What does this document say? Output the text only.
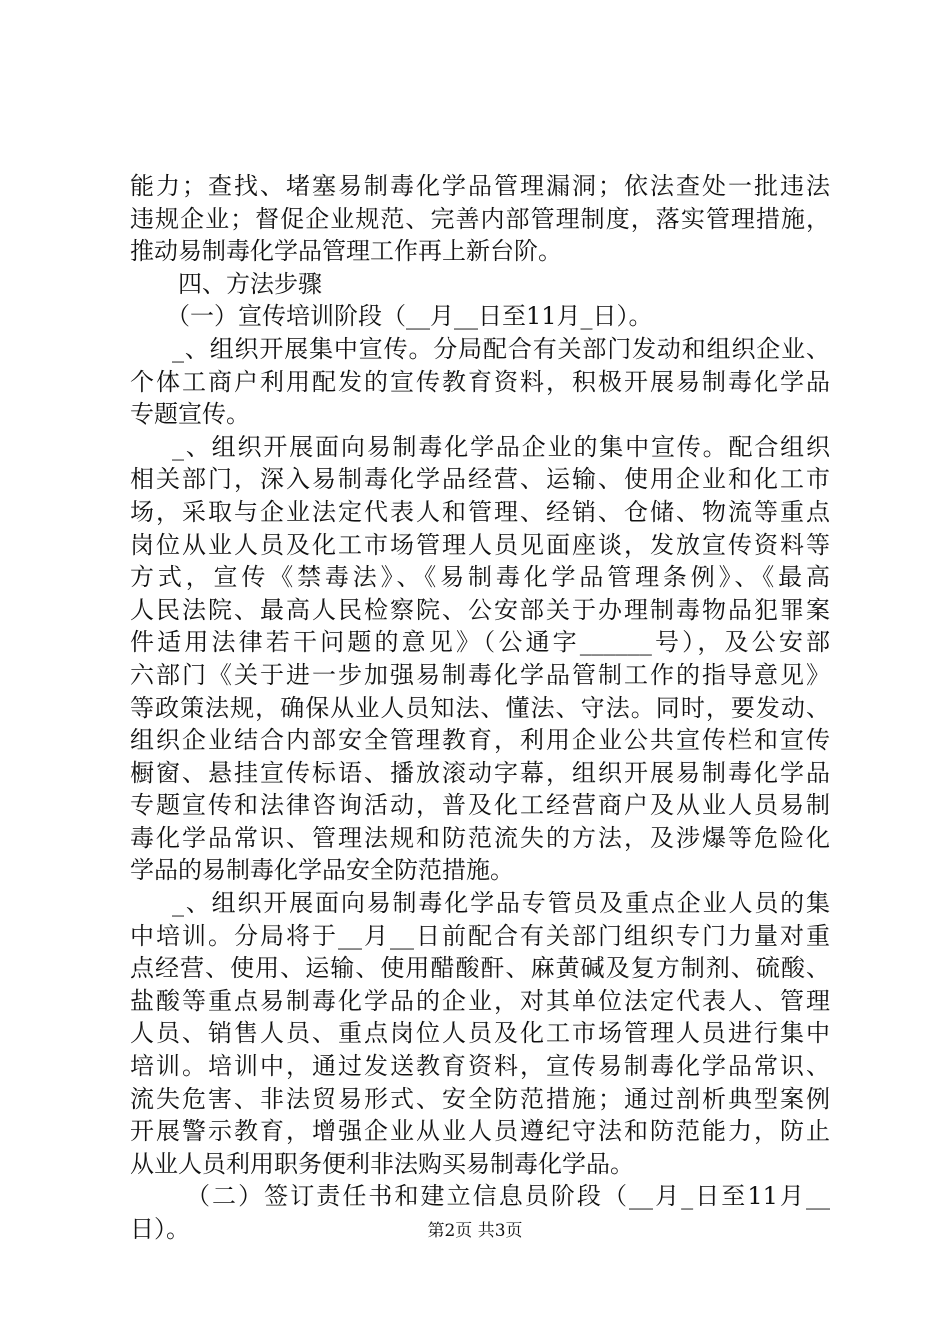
能力；查找、堵塞易制毒化学品管理漏洞；依法查处一批违法
违规企业；督促企业规范、完善内部管理制度，落实管理措施，
推动易制毒化学品管理工作再上新台阶。
四、方法步骤
（一）宣传培训阶段（__月__日至11月_日）。
_、组织开展集中宣传。分局配合有关部门发动和组织企业、
个体工商户利用配发的宣传教育资料，积极开展易制毒化学品
专题宣传。
_、组织开展面向易制毒化学品企业的集中宣传。配合组织
相关部门，深入易制毒化学品经营、运输、使用企业和化工市
场，采取与企业法定代表人和管理、经销、仓储、物流等重点
岗位从业人员及化工市场管理人员见面座谈，发放宣传资料等
方式，宣传《禁毒法》、《易制毒化学品管理条例》、《最高
人民法院、最高人民检察院、公安部关于办理制毒物品犯罪案
件适用法律若干问题的意见》（公通字______号），及公安部
六部门《关于进一步加强易制毒化学品管制工作的指导意见》
等政策法规，确保从业人员知法、懂法、守法。同时，要发动、
组织企业结合内部安全管理教育，利用企业公共宣传栏和宣传
橱窗、悬挂宣传标语、播放滚动字幕，组织开展易制毒化学品
专题宣传和法律咨询活动，普及化工经营商户及从业人员易制
毒化学品常识、管理法规和防范流失的方法，及涉爆等危险化
学品的易制毒化学品安全防范措施。
_、组织开展面向易制毒化学品专管员及重点企业人员的集
中培训。分局将于__月__日前配合有关部门组织专门力量对重
点经营、使用、运输、使用醋酸酐、麻黄碱及复方制剂、硫酸、
盐酸等重点易制毒化学品的企业，对其单位法定代表人、管理
人员、销售人员、重点岗位人员及化工市场管理人员进行集中
培训。培训中，通过发送教育资料，宣传易制毒化学品常识、
流失危害、非法贸易形式、安全防范措施；通过剖析典型案例
开展警示教育，增强企业从业人员遵纪守法和防范能力，防止
从业人员利用职务便利非法购买易制毒化学品。
（二）签订责任书和建立信息员阶段（__月_日至11月__
日）。	第2页 共3页
